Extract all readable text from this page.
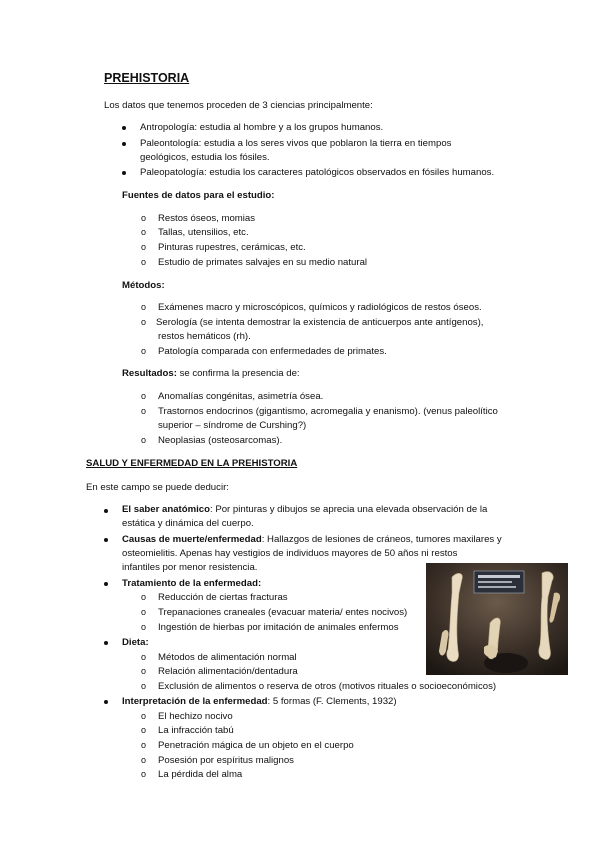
PREHISTORIA
Los datos que tenemos proceden de 3 ciencias principalmente:
Antropología: estudia al hombre y a los grupos humanos.
Paleontología: estudia a los seres vivos que poblaron la tierra en tiempos
geológicos, estudia los fósiles.
Paleopatología: estudia los caracteres patológicos observados en fósiles humanos.
Fuentes de datos para el estudio:
o Restos óseos, momias
o Tallas, utensilios, etc.
o Pinturas rupestres, cerámicas, etc.
o Estudio de primates salvajes en su medio natural
Métodos:
o Exámenes macro y microscópicos, químicos y radiológicos de restos óseos.
o Serología (se intenta demostrar la existencia de anticuerpos ante antígenos),
restos hemáticos (rh).
o Patología comparada con enfermedades de primates.
Resultados: se confirma la presencia de:
o Anomalías congénitas, asimetría ósea.
o Trastornos endocrinos (gigantismo, acromegalia y enanismo). (venus paleolítico
superior – síndrome de Curshing?)
o Neoplasias (osteosarcomas).
SALUD Y ENFERMEDAD EN LA PREHISTORIA
En este campo se puede deducir:
El saber anatómico: Por pinturas y dibujos se aprecia una elevada observación de la
estática y dinámica del cuerpo.
Causas de muerte/enfermedad: Hallazgos de lesiones de cráneos, tumores maxilares y
osteomielitis. Apenas hay vestigios de individuos mayores de 50 años ni restos
infantiles por menor resistencia.
Tratamiento de la enfermedad:
o Reducción de ciertas fracturas
o Trepanaciones craneales (evacuar materia/ entes nocivos)
o Ingestión de hierbas por imitación de animales enfermos
Dieta:
o Métodos de alimentación normal
o Relación alimentación/dentadura
o Exclusión de alimentos o reserva de otros (motivos rituales o socioeconómicos)
Interpretación de la enfermedad: 5 formas (F. Clements, 1932)
o El hechizo nocivo
o La infracción tabú
o Penetración mágica de un objeto en el cuerpo
o Posesión por espíritus malignos
o La pérdida del alma
